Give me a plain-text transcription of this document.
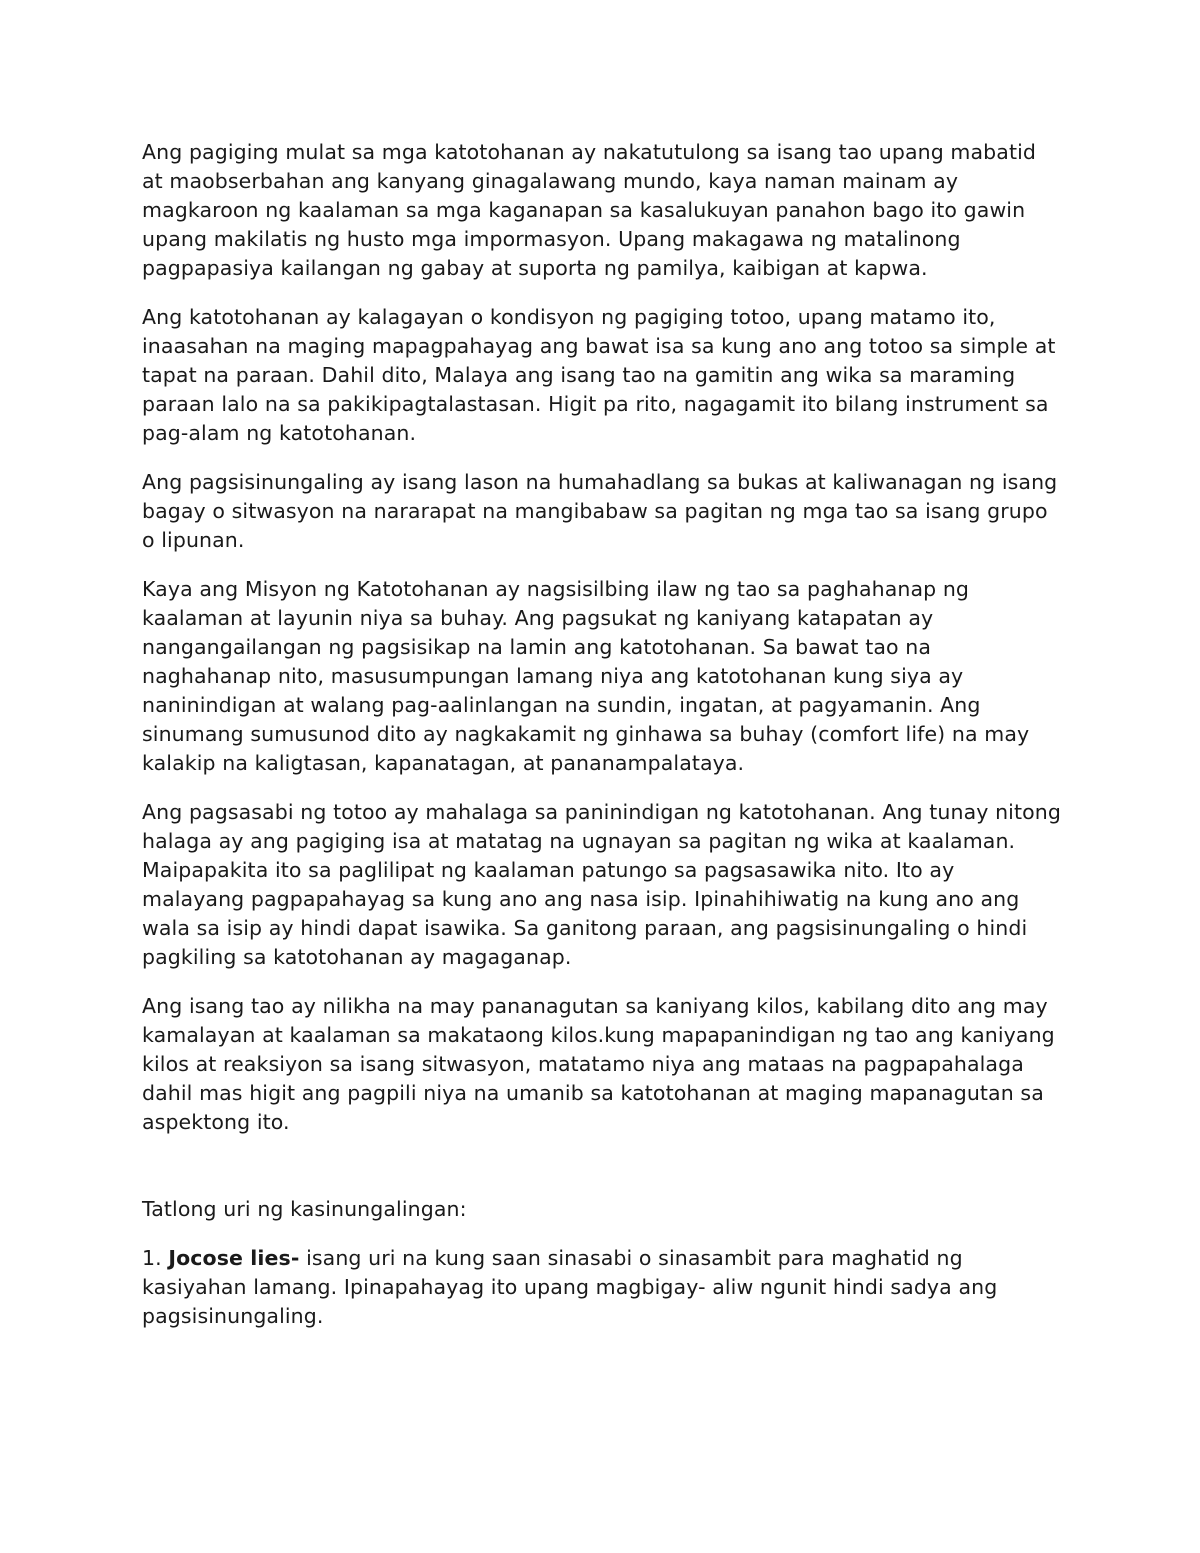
Ang pagiging mulat sa mga katotohanan ay nakatutulong sa isang tao upang mabatid at maobserbahan ang kanyang ginagalawang mundo, kaya naman mainam ay magkaroon ng kaalaman sa mga kaganapan sa kasalukuyan panahon bago ito gawin upang makilatis ng husto mga impormasyon. Upang makagawa ng matalinong pagpapasiya kailangan ng gabay at suporta ng pamilya, kaibigan at kapwa.

Ang katotohanan ay kalagayan o kondisyon ng pagiging totoo, upang matamo ito, inaasahan na maging mapagpahayag ang bawat isa sa kung ano ang totoo sa simple at tapat na paraan. Dahil dito, Malaya ang isang tao na gamitin ang wika sa maraming paraan lalo na sa pakikipagtalastasan. Higit pa rito, nagagamit ito bilang instrument sa pag-alam ng katotohanan.

Ang pagsisinungaling ay isang lason na humahadlang sa bukas at kaliwanagan ng isang bagay o sitwasyon na nararapat na mangibabaw sa pagitan ng mga tao sa isang grupo o lipunan.

Kaya ang Misyon ng Katotohanan ay nagsisilbing ilaw ng tao sa paghahanap ng kaalaman at layunin niya sa buhay. Ang pagsukat ng kaniyang katapatan ay nangangailangan ng pagsisikap na lamin ang katotohanan. Sa bawat tao na naghahanap nito, masusumpungan lamang niya ang katotohanan kung siya ay naninindigan at walang pag-aalinlangan na sundin, ingatan, at pagyamanin. Ang sinumang sumusunod dito ay nagkakamit ng ginhawa sa buhay (comfort life) na may kalakip na kaligtasan, kapanatagan, at pananampalataya.

Ang pagsasabi ng totoo ay mahalaga sa paninindigan ng katotohanan. Ang tunay nitong halaga ay ang pagiging isa at matatag na ugnayan sa pagitan ng wika at kaalaman. Maipapakita ito sa paglilipat ng kaalaman patungo sa pagsasawika nito. Ito ay malayang pagpapahayag sa kung ano ang nasa isip. Ipinahihiwatig na kung ano ang wala sa isip ay hindi dapat isawika. Sa ganitong paraan, ang pagsisinungaling o hindi pagkiling sa katotohanan ay magaganap.

Ang isang tao ay nilikha na may pananagutan sa kaniyang kilos, kabilang dito ang may kamalayan at kaalaman sa makataong kilos.kung mapapanindigan ng tao ang kaniyang kilos at reaksiyon sa isang sitwasyon, matatamo niya ang mataas na pagpapahalaga dahil mas higit ang pagpili niya na umanib sa katotohanan at maging mapanagutan sa aspektong ito.

Tatlong uri ng kasinungalingan:

1. Jocose lies- isang uri na kung saan sinasabi o sinasambit para maghatid ng kasiyahan lamang. Ipinapahayag ito upang magbigay- aliw ngunit hindi sadya ang pagsisinungaling.
